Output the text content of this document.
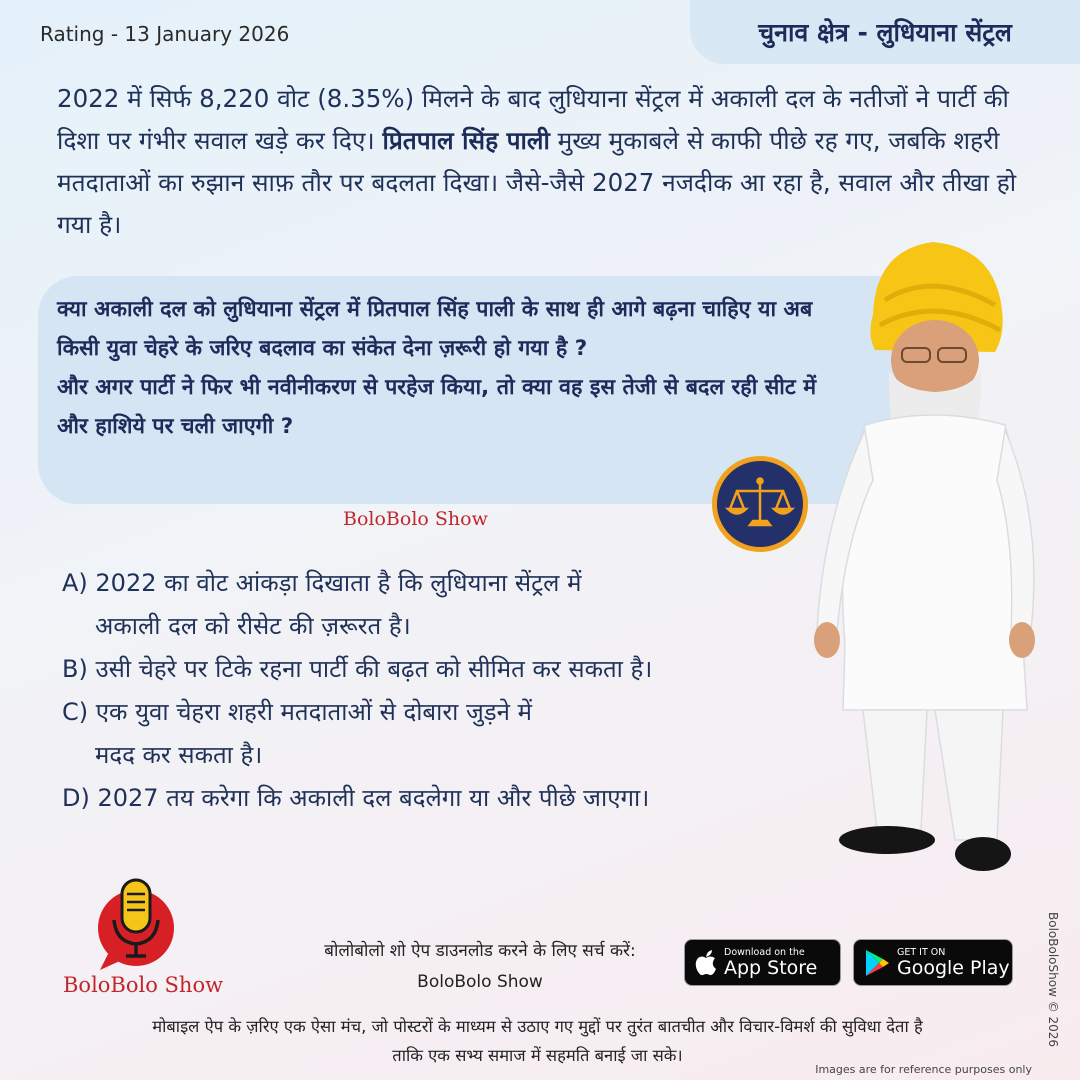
Rating - 13 January 2026	चुनाव क्षेत्र - लुधियाना सेंट्रल

2022 में सिर्फ 8,220 वोट (8.35%) मिलने के बाद लुधियाना सेंट्रल में अकाली दल के नतीजों ने पार्टी की दिशा पर गंभीर सवाल खड़े कर दिए। प्रितपाल सिंह पाली मुख्य मुकाबले से काफी पीछे रह गए, जबकि शहरी मतदाताओं का रुझान साफ़ तौर पर बदलता दिखा। जैसे-जैसे 2027 नजदीक आ रहा है, सवाल और तीखा हो गया है।

क्या अकाली दल को लुधियाना सेंट्रल में प्रितपाल सिंह पाली के साथ ही आगे बढ़ना चाहिए या अब किसी युवा चेहरे के जरिए बदलाव का संकेत देना ज़रूरी हो गया है ?
और अगर पार्टी ने फिर भी नवीनीकरण से परहेज किया, तो क्या वह इस तेजी से बदल रही सीट में और हाशिये पर चली जाएगी ?

BoloBolo Show
A) 2022 का वोट आंकड़ा दिखाता है कि लुधियाना सेंट्रल में
अकाली दल को रीसेट की ज़रूरत है।
B) उसी चेहरे पर टिके रहना पार्टी की बढ़त को सीमित कर सकता है।
C) एक युवा चेहरा शहरी मतदाताओं से दोबारा जुड़ने में
मदद कर सकता है।
D) 2027 तय करेगा कि अकाली दल बदलेगा या और पीछे जाएगा।
BoloBolo Show
बोलोबोलो शो ऐप डाउनलोड करने के लिए सर्च करें:
BoloBolo Show
Download on the
App Store
GET IT ON
Google Play
मोबाइल ऐप के ज़रिए एक ऐसा मंच, जो पोस्टरों के माध्यम से उठाए गए मुद्दों पर तुरंत बातचीत और विचार-विमर्श की सुविधा देता है
ताकि एक सभ्य समाज में सहमति बनाई जा सके।
Images are for reference purposes only
BoloBoloShow © 2026
